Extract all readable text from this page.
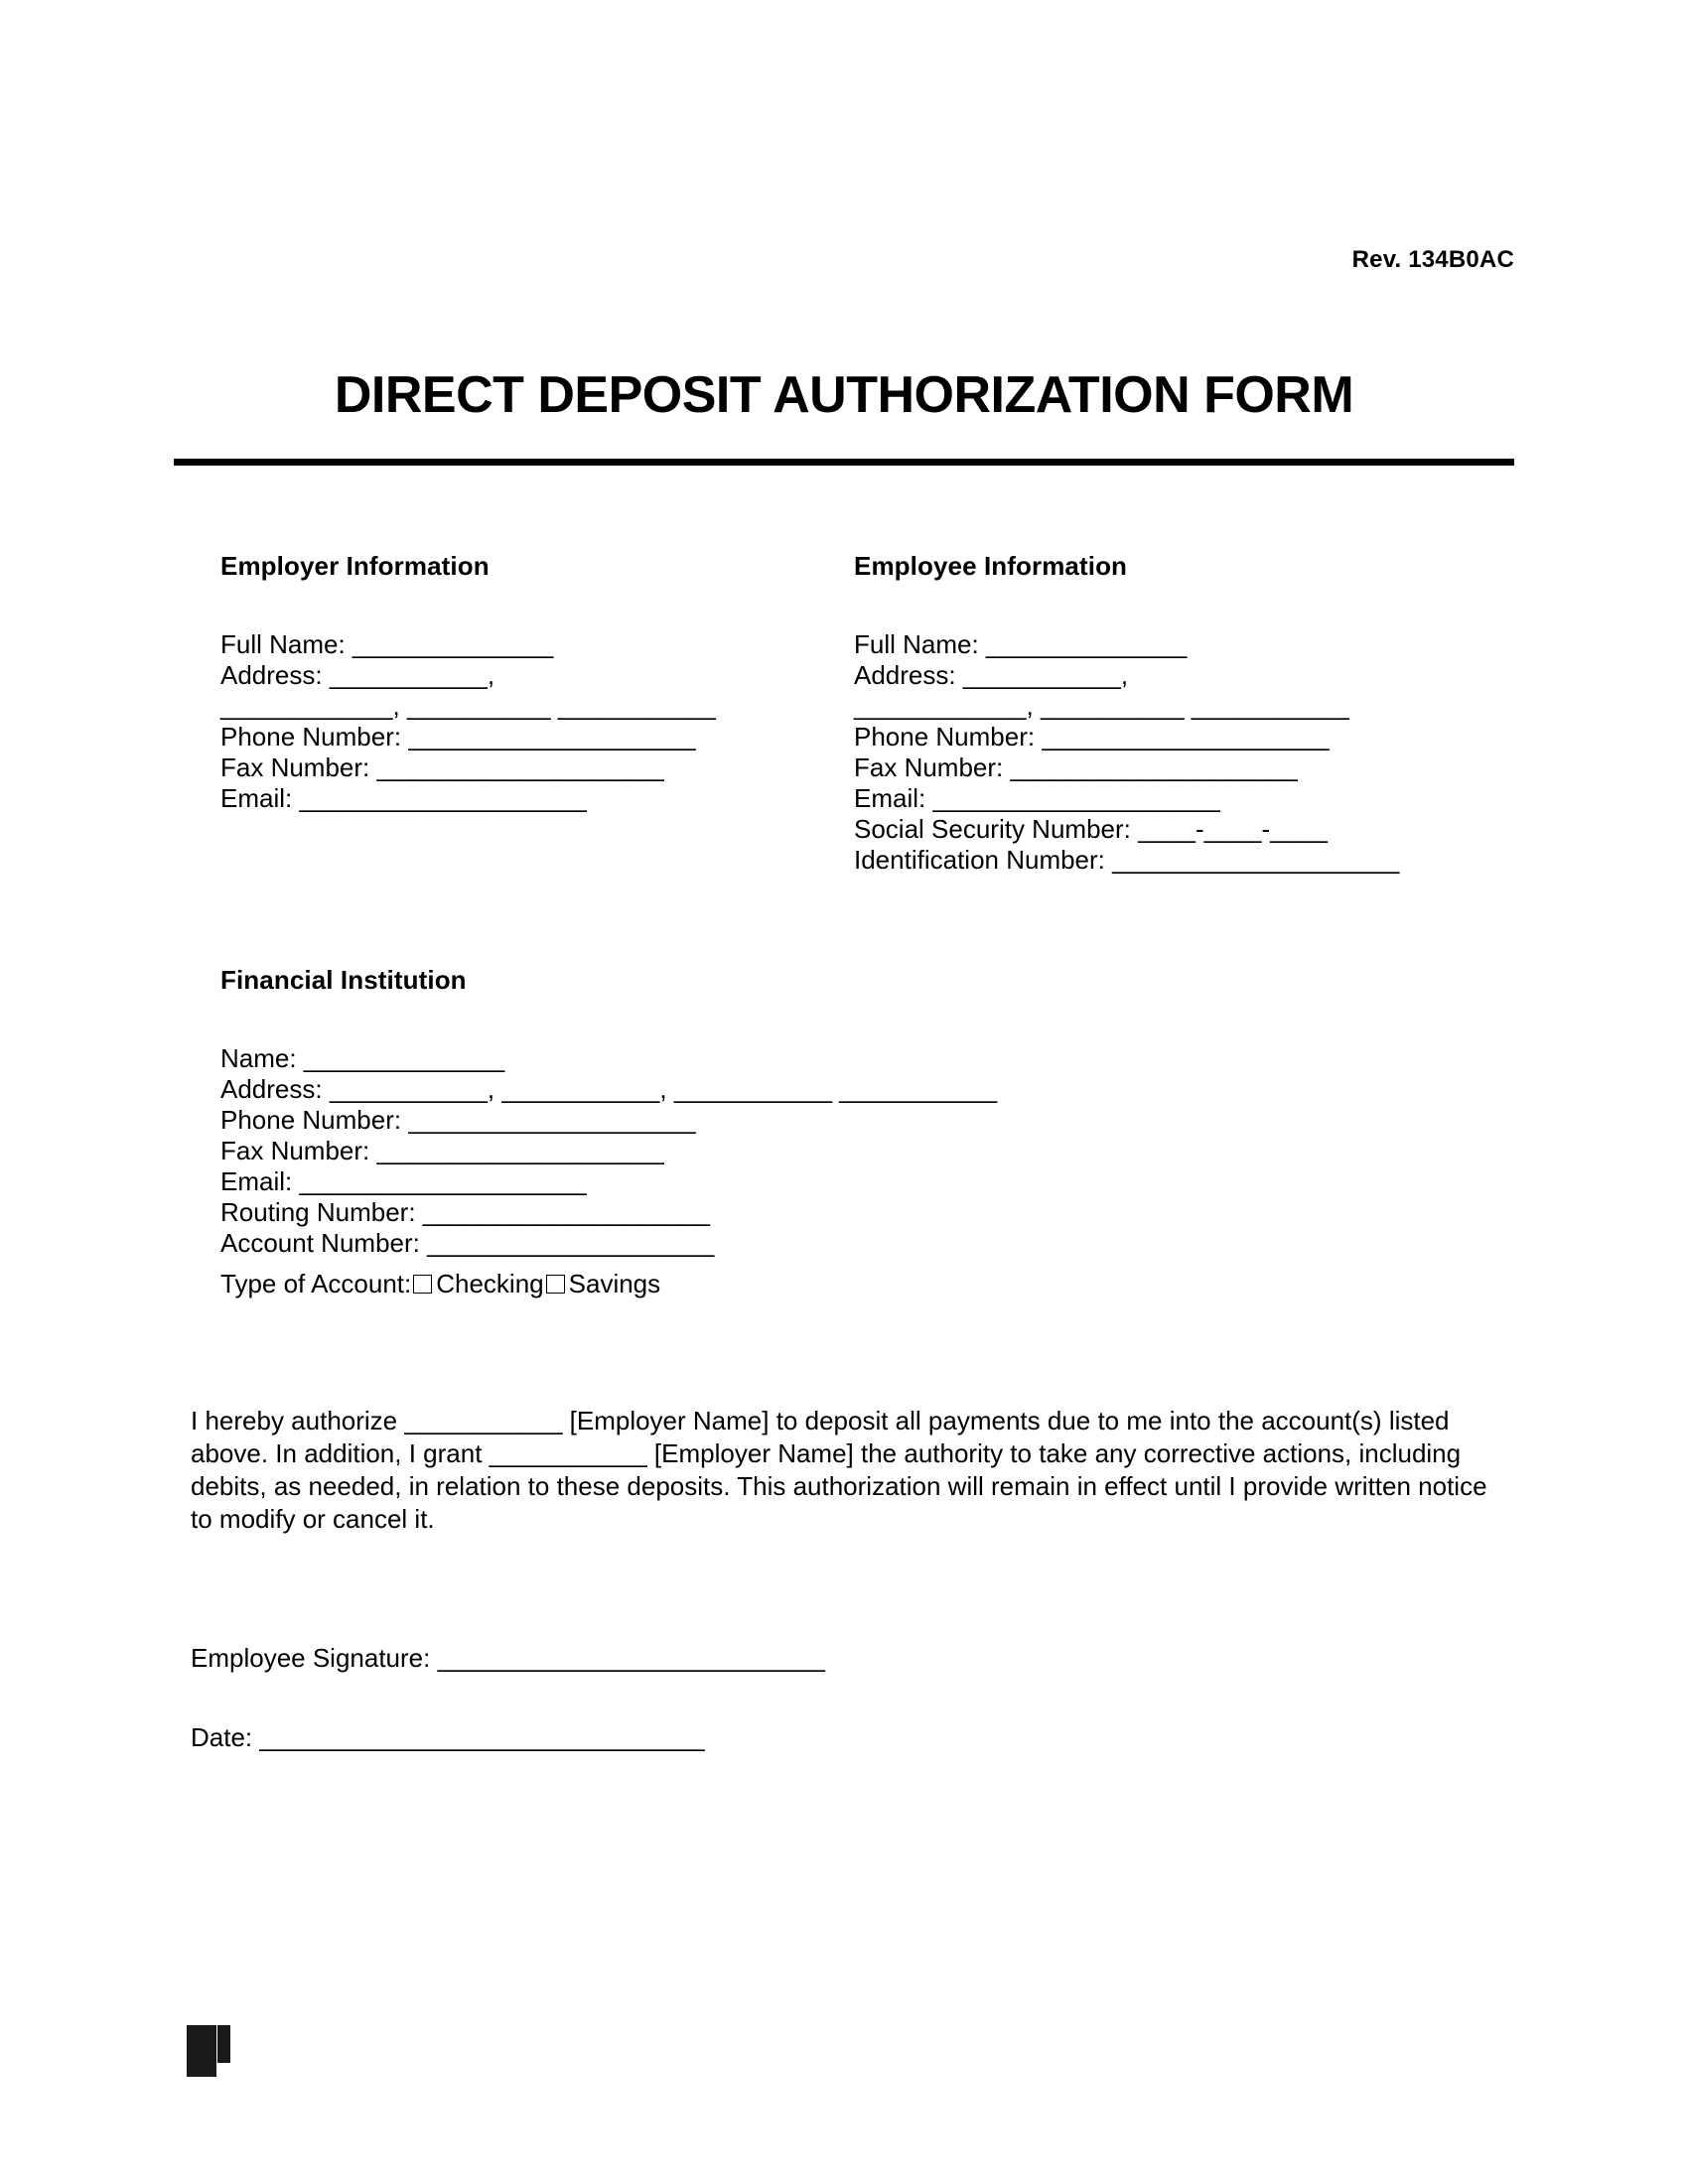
Rev. 134B0AC
DIRECT DEPOSIT AUTHORIZATION FORM
Employer Information
Full Name: ______________
Address: ___________,
____________, __________ ___________
Phone Number: ____________________
Fax Number: ____________________
Email: ____________________
Employee Information
Full Name: ______________
Address: ___________,
____________, __________ ___________
Phone Number: ____________________
Fax Number: ____________________
Email: ____________________
Social Security Number: ____-____-____
Identification Number: ____________________
Financial Institution
Name: ______________
Address: ___________, ___________, ___________ ___________
Phone Number: ____________________
Fax Number: ____________________
Email: ____________________
Routing Number: ____________________
Account Number: ____________________
Type of Account: Checking Savings
I hereby authorize ___________ [Employer Name] to deposit all payments due to me into the account(s) listed above. In addition, I grant ___________ [Employer Name] the authority to take any corrective actions, including debits, as needed, in relation to these deposits. This authorization will remain in effect until I provide written notice to modify or cancel it.
Employee Signature: ___________________________
Date: _______________________________
